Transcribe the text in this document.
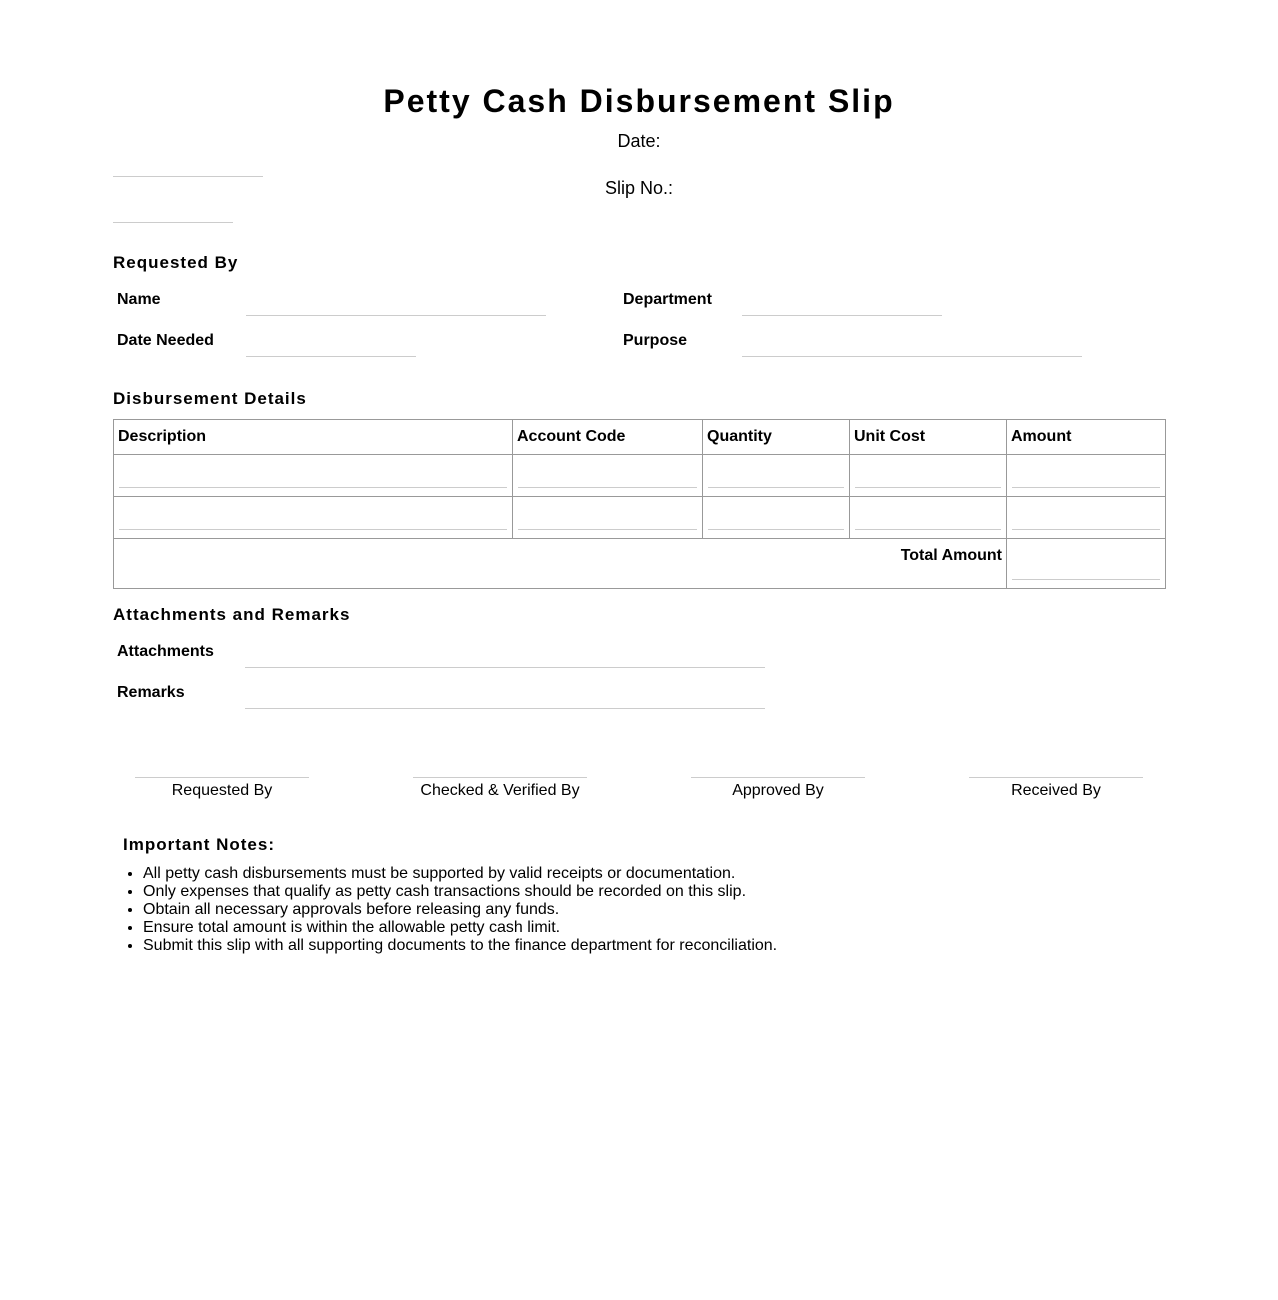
Petty Cash Disbursement Slip
Date:
Slip No.:
Requested By
Name	Department
Date Needed	Purpose
Disbursement Details
Description	Account Code	Quantity	Unit Cost	Amount

Total Amount				
Attachments and Remarks
Attachments
Remarks
Requested By	Checked & Verified By	Approved By	Received By
Important Notes:
• All petty cash disbursements must be supported by valid receipts or documentation.
• Only expenses that qualify as petty cash transactions should be recorded on this slip.
• Obtain all necessary approvals before releasing any funds.
• Ensure total amount is within the allowable petty cash limit.
• Submit this slip with all supporting documents to the finance department for reconciliation.
